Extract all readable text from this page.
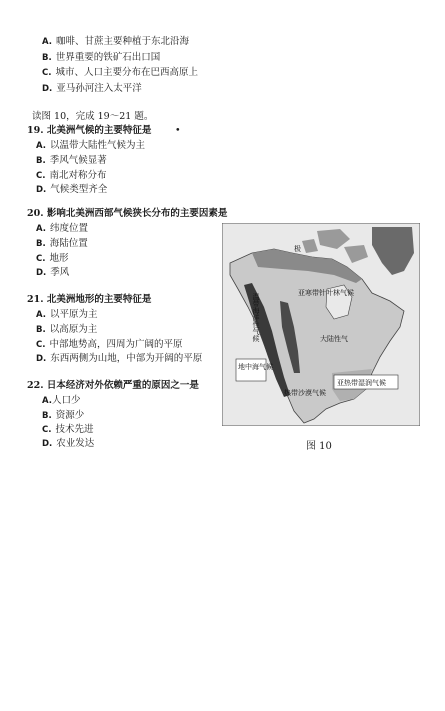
A. 咖啡、甘蔗主要种植于东北沿海
B. 世界重要的铁矿石出口国
C. 城市、人口主要分布在巴西高原上
D. 亚马孙河注入太平洋
读图 10，完成 19～21 题。
19. 北美洲气候的主要特征是 •
A. 以温带大陆性气候为主
B. 季风气候显著
C. 南北对称分布
D. 气候类型齐全
20. 影响北美洲西部气候狭长分布的主要因素是
A. 纬度位置
B. 海陆位置
C. 地形
D. 季风
21. 北美洲地形的主要特征是
A. 以平原为主
B. 以高原为主
C. 中部地势高，四周为广阔的平原
D. 东西两侧为山地，中部为开阔的平原
22. 日本经济对外依赖严重的原因之一是
A.人口少
B. 资源少
C. 技术先进
D. 农业发达
亚热带湿润气候
地中海气候
极
温带海洋性气候	亚寒带针叶林气候
大陆性气
热带沙漠气候
图 10
